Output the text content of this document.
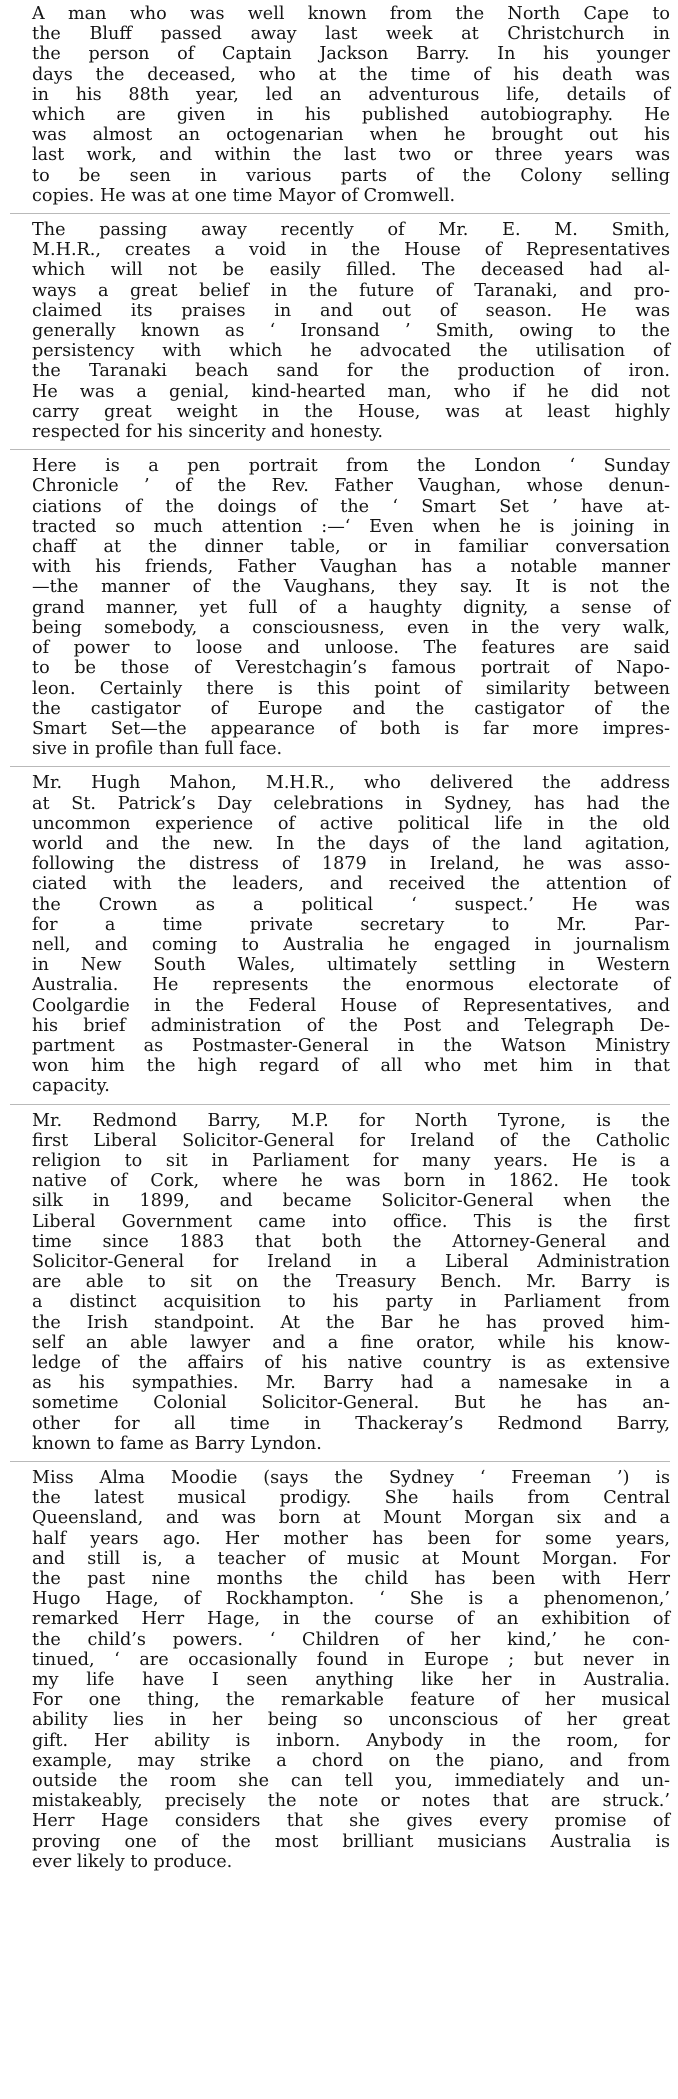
A man who was well known from the North Cape to
the Bluff passed away last week at Christchurch in
the person of Captain Jackson Barry. In his younger
days the deceased, who at the time of his death was
in his 88th year, led an adventurous life, details of
which are given in his published autobiography. He
was almost an octogenarian when he brought out his
last work, and within the last two or three years was
to be seen in various parts of the Colony selling
copies. He was at one time Mayor of Cromwell.

The passing away recently of Mr. E. M. Smith,
M.H.R., creates a void in the House of Representatives
which will not be easily filled. The deceased had al-
ways a great belief in the future of Taranaki, and pro-
claimed its praises in and out of season. He was
generally known as ‘ Ironsand ’ Smith, owing to the
persistency with which he advocated the utilisation of
the Taranaki beach sand for the production of iron.
He was a genial, kind-hearted man, who if he did not
carry great weight in the House, was at least highly
respected for his sincerity and honesty.

Here is a pen portrait from the London ‘ Sunday
Chronicle ’ of the Rev. Father Vaughan, whose denun-
ciations of the doings of the ‘ Smart Set ’ have at-
tracted so much attention :—‘ Even when he is joining in
chaff at the dinner table, or in familiar conversation
with his friends, Father Vaughan has a notable manner
—the manner of the Vaughans, they say. It is not the
grand manner, yet full of a haughty dignity, a sense of
being somebody, a consciousness, even in the very walk,
of power to loose and unloose. The features are said
to be those of Verestchagin’s famous portrait of Napo-
leon. Certainly there is this point of similarity between
the castigator of Europe and the castigator of the
Smart Set—the appearance of both is far more impres-
sive in profile than full face.

Mr. Hugh Mahon, M.H.R., who delivered the address
at St. Patrick’s Day celebrations in Sydney, has had the
uncommon experience of active political life in the old
world and the new. In the days of the land agitation,
following the distress of 1879 in Ireland, he was asso-
ciated with the leaders, and received the attention of
the Crown as a political ‘ suspect.’ He was
for a time private secretary to Mr. Par-
nell, and coming to Australia he engaged in journalism
in New South Wales, ultimately settling in Western
Australia. He represents the enormous electorate of
Coolgardie in the Federal House of Representatives, and
his brief administration of the Post and Telegraph De-
partment as Postmaster-General in the Watson Ministry
won him the high regard of all who met him in that
capacity.

Mr. Redmond Barry, M.P. for North Tyrone, is the
first Liberal Solicitor-General for Ireland of the Catholic
religion to sit in Parliament for many years. He is a
native of Cork, where he was born in 1862. He took
silk in 1899, and became Solicitor-General when the
Liberal Government came into office. This is the first
time since 1883 that both the Attorney-General and
Solicitor-General for Ireland in a Liberal Administration
are able to sit on the Treasury Bench. Mr. Barry is
a distinct acquisition to his party in Parliament from
the Irish standpoint. At the Bar he has proved him-
self an able lawyer and a fine orator, while his know-
ledge of the affairs of his native country is as extensive
as his sympathies. Mr. Barry had a namesake in a
sometime Colonial Solicitor-General. But he has an-
other for all time in Thackeray’s Redmond Barry,
known to fame as Barry Lyndon.

Miss Alma Moodie (says the Sydney ‘ Freeman ’) is
the latest musical prodigy. She hails from Central
Queensland, and was born at Mount Morgan six and a
half years ago. Her mother has been for some years,
and still is, a teacher of music at Mount Morgan. For
the past nine months the child has been with Herr
Hugo Hage, of Rockhampton. ‘ She is a phenomenon,’
remarked Herr Hage, in the course of an exhibition of
the child’s powers. ‘ Children of her kind,’ he con-
tinued, ‘ are occasionally found in Europe ; but never in
my life have I seen anything like her in Australia.
For one thing, the remarkable feature of her musical
ability lies in her being so unconscious of her great
gift. Her ability is inborn. Anybody in the room, for
example, may strike a chord on the piano, and from
outside the room she can tell you, immediately and un-
mistakeably, precisely the note or notes that are struck.’
Herr Hage considers that she gives every promise of
proving one of the most brilliant musicians Australia is
ever likely to produce.
